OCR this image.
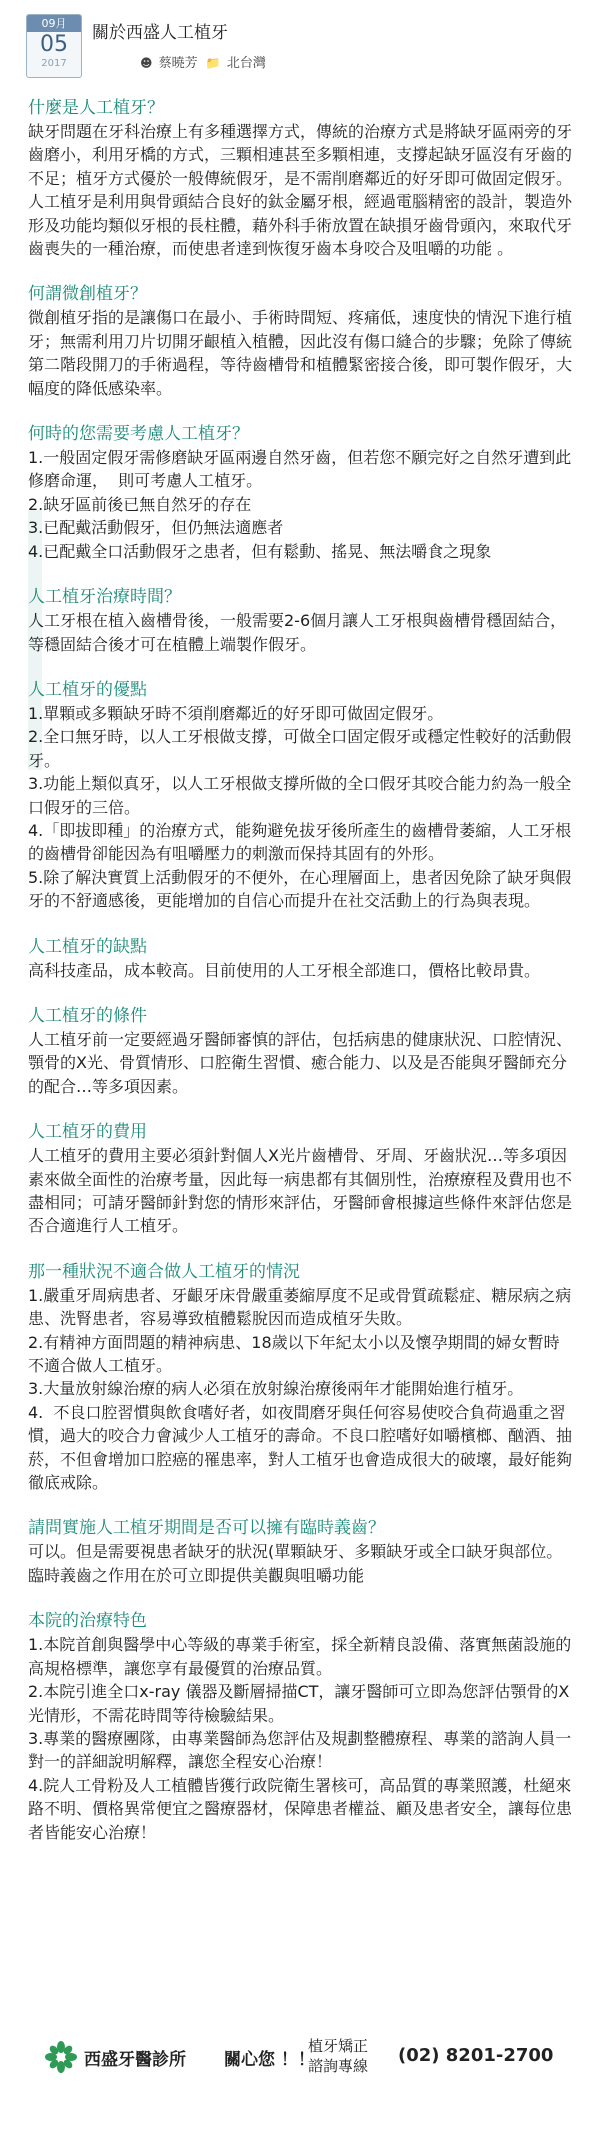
09月
05
2017
關於西盛人工植牙
☻ 蔡曉芳 📁 北台灣

什麼是人工植牙？

缺牙問題在牙科治療上有多種選擇方式，傳統的治療方式是將缺牙區兩旁的牙齒磨小，利用牙橋的方式，三顆相連甚至多顆相連，支撐起缺牙區沒有牙齒的不足；植牙方式優於一般傳統假牙，是不需削磨鄰近的好牙即可做固定假牙。人工植牙是利用與骨頭結合良好的鈦金屬牙根，經過電腦精密的設計，製造外形及功能均類似牙根的長柱體，藉外科手術放置在缺損牙齒骨頭內，來取代牙齒喪失的一種治療，而使患者達到恢復牙齒本身咬合及咀嚼的功能 。

何謂微創植牙？

微創植牙指的是讓傷口在最小、手術時間短、疼痛低，速度快的情況下進行植牙；無需利用刀片切開牙齦植入植體，因此沒有傷口縫合的步驟；免除了傳統第二階段開刀的手術過程，等待齒槽骨和植體緊密接合後，即可製作假牙，大幅度的降低感染率。

何時的您需要考慮人工植牙？

1.一般固定假牙需修磨缺牙區兩邊自然牙齒，但若您不願完好之自然牙遭到此修磨命運，  則可考慮人工植牙。
2.缺牙區前後已無自然牙的存在
3.已配戴活動假牙，但仍無法適應者
4.已配戴全口活動假牙之患者，但有鬆動、搖晃、無法嚼食之現象

人工植牙治療時間？

人工牙根在植入齒槽骨後，一般需要2-6個月讓人工牙根與齒槽骨穩固結合，等穩固結合後才可在植體上端製作假牙。

人工植牙的優點

1.單顆或多顆缺牙時不須削磨鄰近的好牙即可做固定假牙。
2.全口無牙時，以人工牙根做支撐，可做全口固定假牙或穩定性較好的活動假牙。
3.功能上類似真牙，以人工牙根做支撐所做的全口假牙其咬合能力約為一般全口假牙的三倍。
4.「即拔即種」的治療方式，能夠避免拔牙後所產生的齒槽骨萎縮，人工牙根的齒槽骨卻能因為有咀嚼壓力的刺激而保持其固有的外形。
5.除了解決實質上活動假牙的不便外，在心理層面上，患者因免除了缺牙與假牙的不舒適感後，更能增加的自信心而提升在社交活動上的行為與表現。

人工植牙的缺點

高科技產品，成本較高。目前使用的人工牙根全部進口，價格比較昂貴。

人工植牙的條件

人工植牙前一定要經過牙醫師審慎的評估，包括病患的健康狀況、口腔情況、顎骨的X光、骨質情形、口腔衛生習慣、癒合能力、以及是否能與牙醫師充分的配合…等多項因素。

人工植牙的費用

人工植牙的費用主要必須針對個人X光片齒槽骨、牙周、牙齒狀況…等多項因素來做全面性的治療考量，因此每一病患都有其個別性，治療療程及費用也不盡相同；可請牙醫師針對您的情形來評估，牙醫師會根據這些條件來評估您是否合適進行人工植牙。

那一種狀況不適合做人工植牙的情況

1.嚴重牙周病患者、牙齦牙床骨嚴重萎縮厚度不足或骨質疏鬆症、糖尿病之病患、洗腎患者，容易導致植體鬆脫因而造成植牙失敗。
2.有精神方面問題的精神病患、18歲以下年紀太小以及懷孕期間的婦女暫時不適合做人工植牙。
3.大量放射線治療的病人必須在放射線治療後兩年才能開始進行植牙。
4.  不良口腔習慣與飲食嗜好者，如夜間磨牙與任何容易使咬合負荷過重之習慣，過大的咬合力會減少人工植牙的壽命。不良口腔嗜好如嚼檳榔、酗酒、抽菸，不但會增加口腔癌的罹患率，對人工植牙也會造成很大的破壞，最好能夠徹底戒除。

請問實施人工植牙期間是否可以擁有臨時義齒？

可以。但是需要視患者缺牙的狀況(單顆缺牙、多顆缺牙或全口缺牙與部位。臨時義齒之作用在於可立即提供美觀與咀嚼功能

本院的治療特色

1.本院首創與醫學中心等級的專業手術室，採全新精良設備、落實無菌設施的高規格標準，讓您享有最優質的治療品質。
2.本院引進全口x-ray 儀器及斷層掃描CT，讓牙醫師可立即為您評估顎骨的X光情形，不需花時間等待檢驗結果。
3.專業的醫療團隊，由專業醫師為您評估及規劃整體療程、專業的諮詢人員一對一的詳細說明解釋，讓您全程安心治療！
4.院人工骨粉及人工植體皆獲行政院衛生署核可，高品質的專業照護，杜絕來路不明、價格異常便宜之醫療器材，保障患者權益、顧及患者安全，讓每位患者皆能安心治療！

西盛牙醫診所 關心您 ！！
植牙矯正
諮詢專線 (02) 8201-2700
